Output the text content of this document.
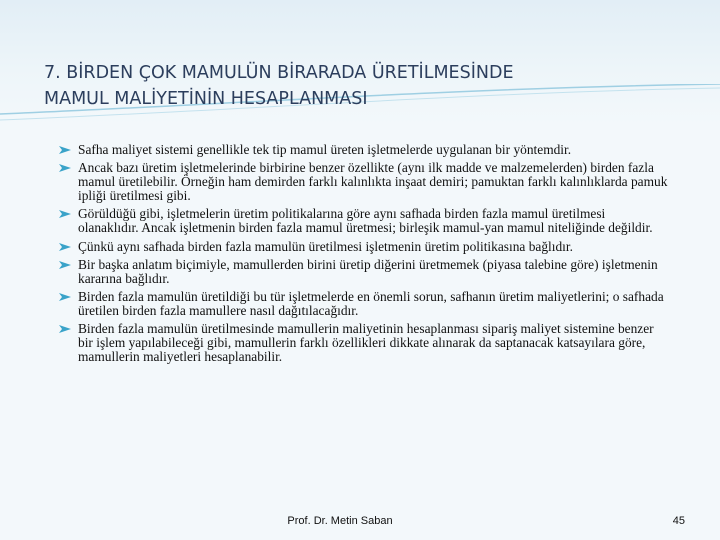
7. BİRDEN ÇOK MAMULÜN BİRARADA ÜRETİLMESİNDE
MAMUL MALİYETİNİN HESAPLANMASI
Safha maliyet sistemi genellikle tek tip mamul üreten işletmelerde uygulanan bir yöntemdir.
Ancak bazı üretim işletmelerinde birbirine benzer özellikte (aynı ilk madde ve malzemelerden) birden fazla mamul üretilebilir. Örneğin ham demirden farklı kalınlıkta inşaat demiri; pamuktan farklı kalınlıklarda pamuk ipliği üretilmesi gibi.
Görüldüğü gibi, işletmelerin üretim politikalarına göre aynı safhada birden fazla mamul üretilmesi olanaklıdır. Ancak işletmenin birden fazla mamul üretmesi; birleşik mamul-yan mamul niteliğinde değildir.
Çünkü aynı safhada birden fazla mamulün üretilmesi işletmenin üretim politikasına bağlıdır.
Bir başka anlatım biçimiyle, mamullerden birini üretip diğerini üretmemek (piyasa talebine göre) işletmenin kararına bağlıdır.
Birden fazla mamulün üretildiği bu tür işletmelerde en önemli sorun, safhanın üretim maliyetlerini; o safhada üretilen birden fazla mamullere nasıl dağıtılacağıdır.
Birden fazla mamulün üretilmesinde mamullerin maliyetinin hesaplanması sipariş maliyet sistemine benzer bir işlem yapılabileceği gibi, mamullerin farklı özellikleri dikkate alınarak da saptanacak katsayılara göre, mamullerin maliyetleri hesaplanabilir.
Prof. Dr. Metin Saban	45
